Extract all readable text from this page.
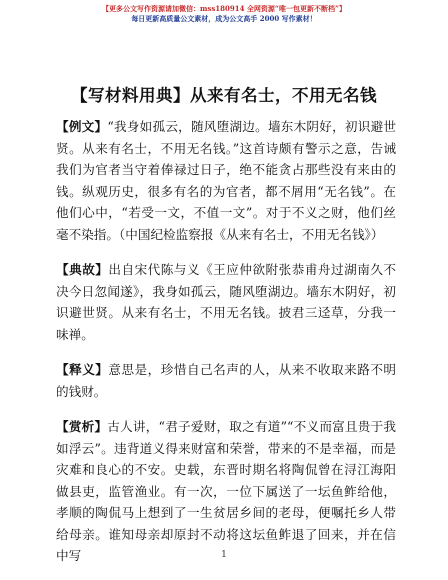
【更多公文写作资源请加微信：mss180914 全网资源“唯一包更新不断档”】
每日更新高质量公文素材，成为公文高手 2000 写作素材！
【写材料用典】从来有名士，不用无名钱

【例文】“我身如孤云，随风堕湖边。墙东木阴好，初识避世贤。从来有名士，不用无名钱。”这首诗颇有警示之意，告诫我们为官者当守着俸禄过日子，绝不能贪占那些没有来由的钱。纵观历史，很多有名的为官者，都不屑用“无名钱”。在他们心中，“若受一文，不值一文”。对于不义之财，他们丝毫不染指。（中国纪检监察报《从来有名士，不用无名钱》）

【典故】出自宋代陈与义《王应仲欲附张恭甫舟过湖南久不决今日忽闻遂》，我身如孤云，随风堕湖边。墙东木阴好，初识避世贤。从来有名士，不用无名钱。披君三迳草，分我一味禅。

【释义】意思是，珍惜自己名声的人，从来不收取来路不明的钱财。

【赏析】古人讲，“君子爱财，取之有道”“不义而富且贵于我如浮云”。违背道义得来财富和荣誉，带来的不是幸福，而是灾难和良心的不安。史载，东晋时期名将陶侃曾在浔江海阳做县吏，监管渔业。有一次，一位下属送了一坛鱼鲊给他，孝顺的陶侃马上想到了一生贫居乡间的老母，便嘱托乡人带给母亲。谁知母亲却原封不动将这坛鱼鲊退了回来，并在信中写	1
